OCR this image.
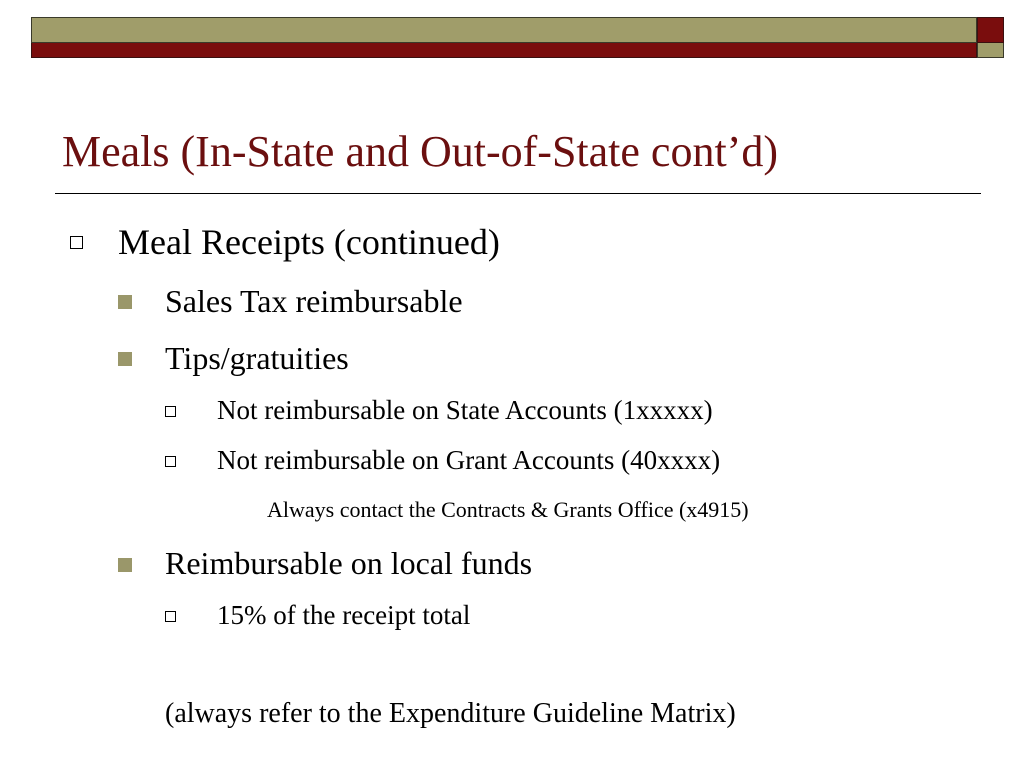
Meals (In-State and Out-of-State cont’d)
Meal Receipts (continued)
Sales Tax reimbursable
Tips/gratuities
Not reimbursable on State Accounts (1xxxxx)
Not reimbursable on Grant Accounts (40xxxx)
Always contact the Contracts & Grants Office (x4915)
Reimbursable on local funds
15% of the receipt total
(always refer to the Expenditure Guideline Matrix)
